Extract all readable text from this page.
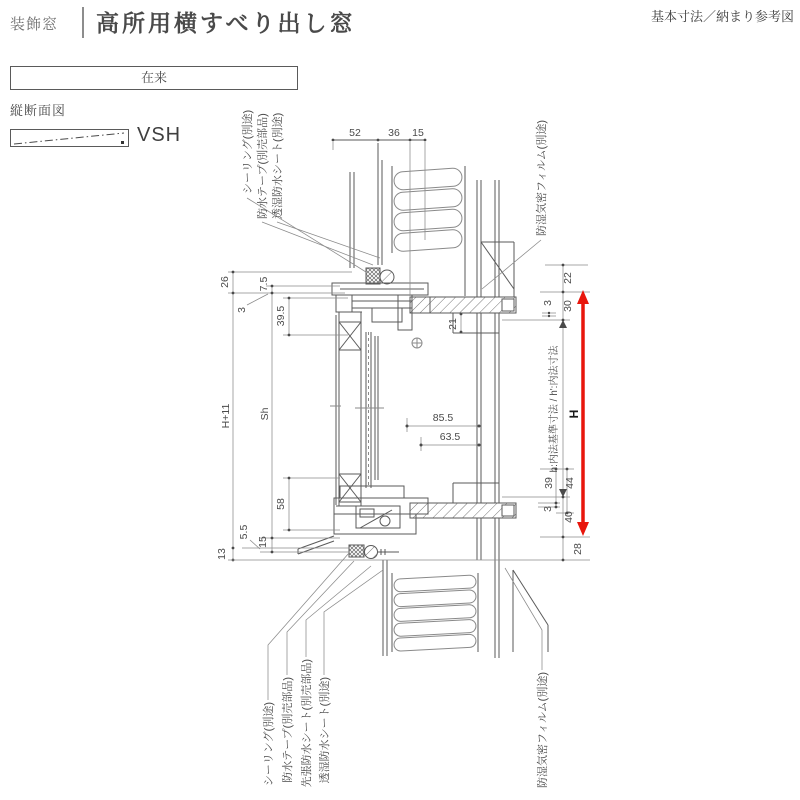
装飾窓 高所用横すべり出し窓	基本寸法／納まり参考図
在来
縦断面図
VSH	52	36 15
26	7.5
3	39.5
H+11	Sh
58
5.5
15
13
85.5
63.5
21
22
30
3
h:内法基準寸法 / h':内法寸法
39 44
3
40
28
H
シーリング(別途) 防水テープ(別売部品) 透湿防水シート(別途)	防湿気密フィルム(別途)
シーリング(別途) 防水テープ(別売部品) 先張防水シート(別売部品) 透湿防水シート(別途)	防湿気密フィルム(別途)
